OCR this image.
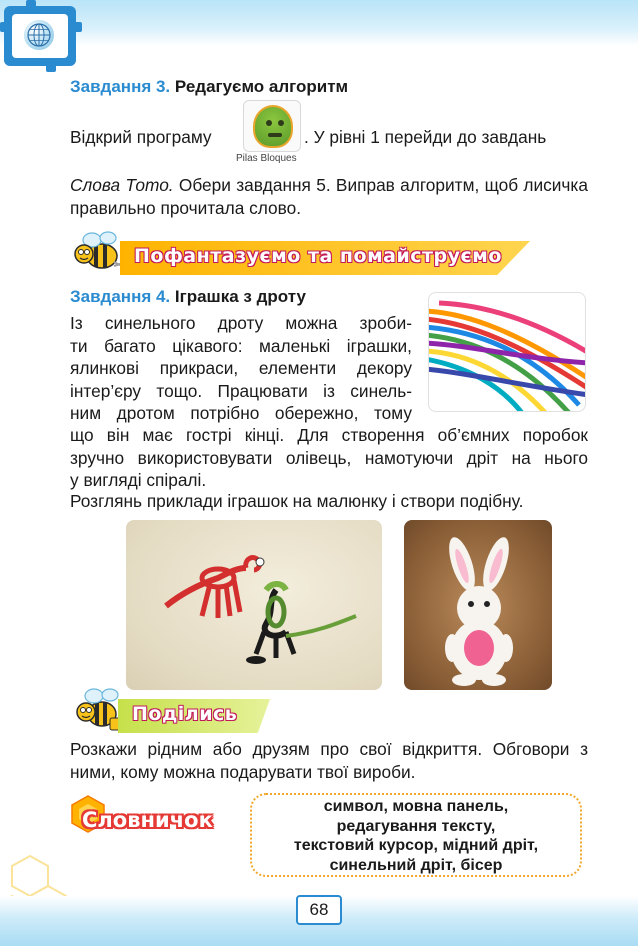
Завдання 3. Редагуємо алгоритм
Відкрий програму
Pilas Bloques
. У рівні 1 перейди до завдань
Слова Тото. Обери завдання 5. Виправ алгоритм, щоб лисичка правильно прочитала слово.
Пофантазуємо та помайструємо
Завдання 4. Іграшка з дроту
Із синельного дроту можна зроби-
ти багато цікавого: маленькі іграшки,
ялинкові прикраси, елементи декору
інтер’єру тощо. Працювати із синель-
ним дротом потрібно обережно, тому
що він має гострі кінці. Для створення об’ємних поробок
зручно використовувати олівець, намотуючи дріт на нього
у вигляді спіралі.
Розглянь приклади іграшок на малюнку і створи подібну.
Поділись
Розкажи рідним або друзям про свої відкриття. Обговори з ними, кому можна подарувати твої вироби.
Словничок
символ, мовна панель,
редагування тексту,
текстовий курсор, мідний дріт,
синельний дріт, бісер
68
